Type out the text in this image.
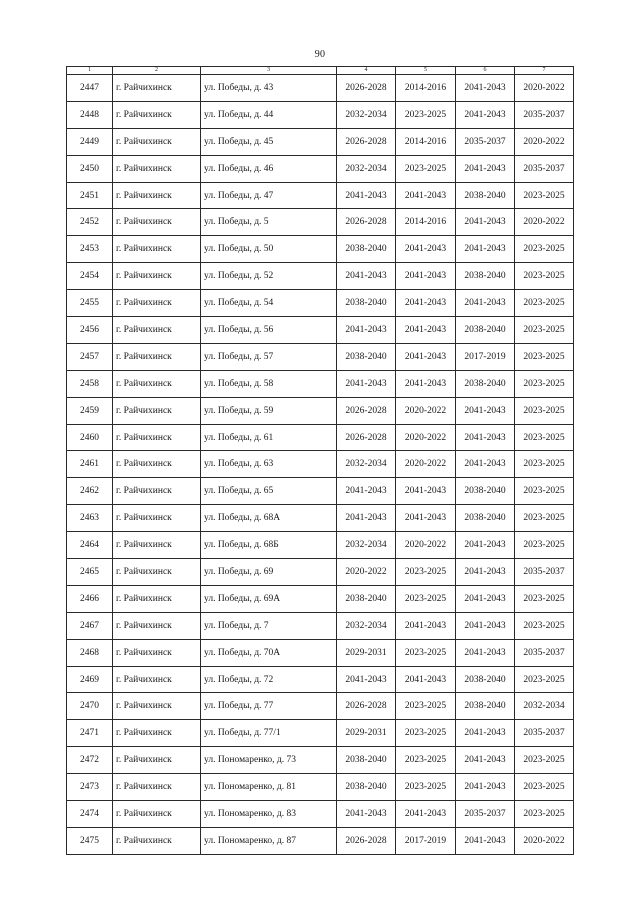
90
1	2	3	4	5	6	7
2447	г. Райчихинск	ул. Победы, д. 43	2026-2028	2014-2016	2041-2043	2020-2022
2448	г. Райчихинск	ул. Победы, д. 44	2032-2034	2023-2025	2041-2043	2035-2037
2449	г. Райчихинск	ул. Победы, д. 45	2026-2028	2014-2016	2035-2037	2020-2022
2450	г. Райчихинск	ул. Победы, д. 46	2032-2034	2023-2025	2041-2043	2035-2037
2451	г. Райчихинск	ул. Победы, д. 47	2041-2043	2041-2043	2038-2040	2023-2025
2452	г. Райчихинск	ул. Победы, д. 5	2026-2028	2014-2016	2041-2043	2020-2022
2453	г. Райчихинск	ул. Победы, д. 50	2038-2040	2041-2043	2041-2043	2023-2025
2454	г. Райчихинск	ул. Победы, д. 52	2041-2043	2041-2043	2038-2040	2023-2025
2455	г. Райчихинск	ул. Победы, д. 54	2038-2040	2041-2043	2041-2043	2023-2025
2456	г. Райчихинск	ул. Победы, д. 56	2041-2043	2041-2043	2038-2040	2023-2025
2457	г. Райчихинск	ул. Победы, д. 57	2038-2040	2041-2043	2017-2019	2023-2025
2458	г. Райчихинск	ул. Победы, д. 58	2041-2043	2041-2043	2038-2040	2023-2025
2459	г. Райчихинск	ул. Победы, д. 59	2026-2028	2020-2022	2041-2043	2023-2025
2460	г. Райчихинск	ул. Победы, д. 61	2026-2028	2020-2022	2041-2043	2023-2025
2461	г. Райчихинск	ул. Победы, д. 63	2032-2034	2020-2022	2041-2043	2023-2025
2462	г. Райчихинск	ул. Победы, д. 65	2041-2043	2041-2043	2038-2040	2023-2025
2463	г. Райчихинск	ул. Победы, д. 68А	2041-2043	2041-2043	2038-2040	2023-2025
2464	г. Райчихинск	ул. Победы, д. 68Б	2032-2034	2020-2022	2041-2043	2023-2025
2465	г. Райчихинск	ул. Победы, д. 69	2020-2022	2023-2025	2041-2043	2035-2037
2466	г. Райчихинск	ул. Победы, д. 69А	2038-2040	2023-2025	2041-2043	2023-2025
2467	г. Райчихинск	ул. Победы, д. 7	2032-2034	2041-2043	2041-2043	2023-2025
2468	г. Райчихинск	ул. Победы, д. 70А	2029-2031	2023-2025	2041-2043	2035-2037
2469	г. Райчихинск	ул. Победы, д. 72	2041-2043	2041-2043	2038-2040	2023-2025
2470	г. Райчихинск	ул. Победы, д. 77	2026-2028	2023-2025	2038-2040	2032-2034
2471	г. Райчихинск	ул. Победы, д. 77/1	2029-2031	2023-2025	2041-2043	2035-2037
2472	г. Райчихинск	ул. Пономаренко, д. 73	2038-2040	2023-2025	2041-2043	2023-2025
2473	г. Райчихинск	ул. Пономаренко, д. 81	2038-2040	2023-2025	2041-2043	2023-2025
2474	г. Райчихинск	ул. Пономаренко, д. 83	2041-2043	2041-2043	2035-2037	2023-2025
2475	г. Райчихинск	ул. Пономаренко, д. 87	2026-2028	2017-2019	2041-2043	2020-2022
